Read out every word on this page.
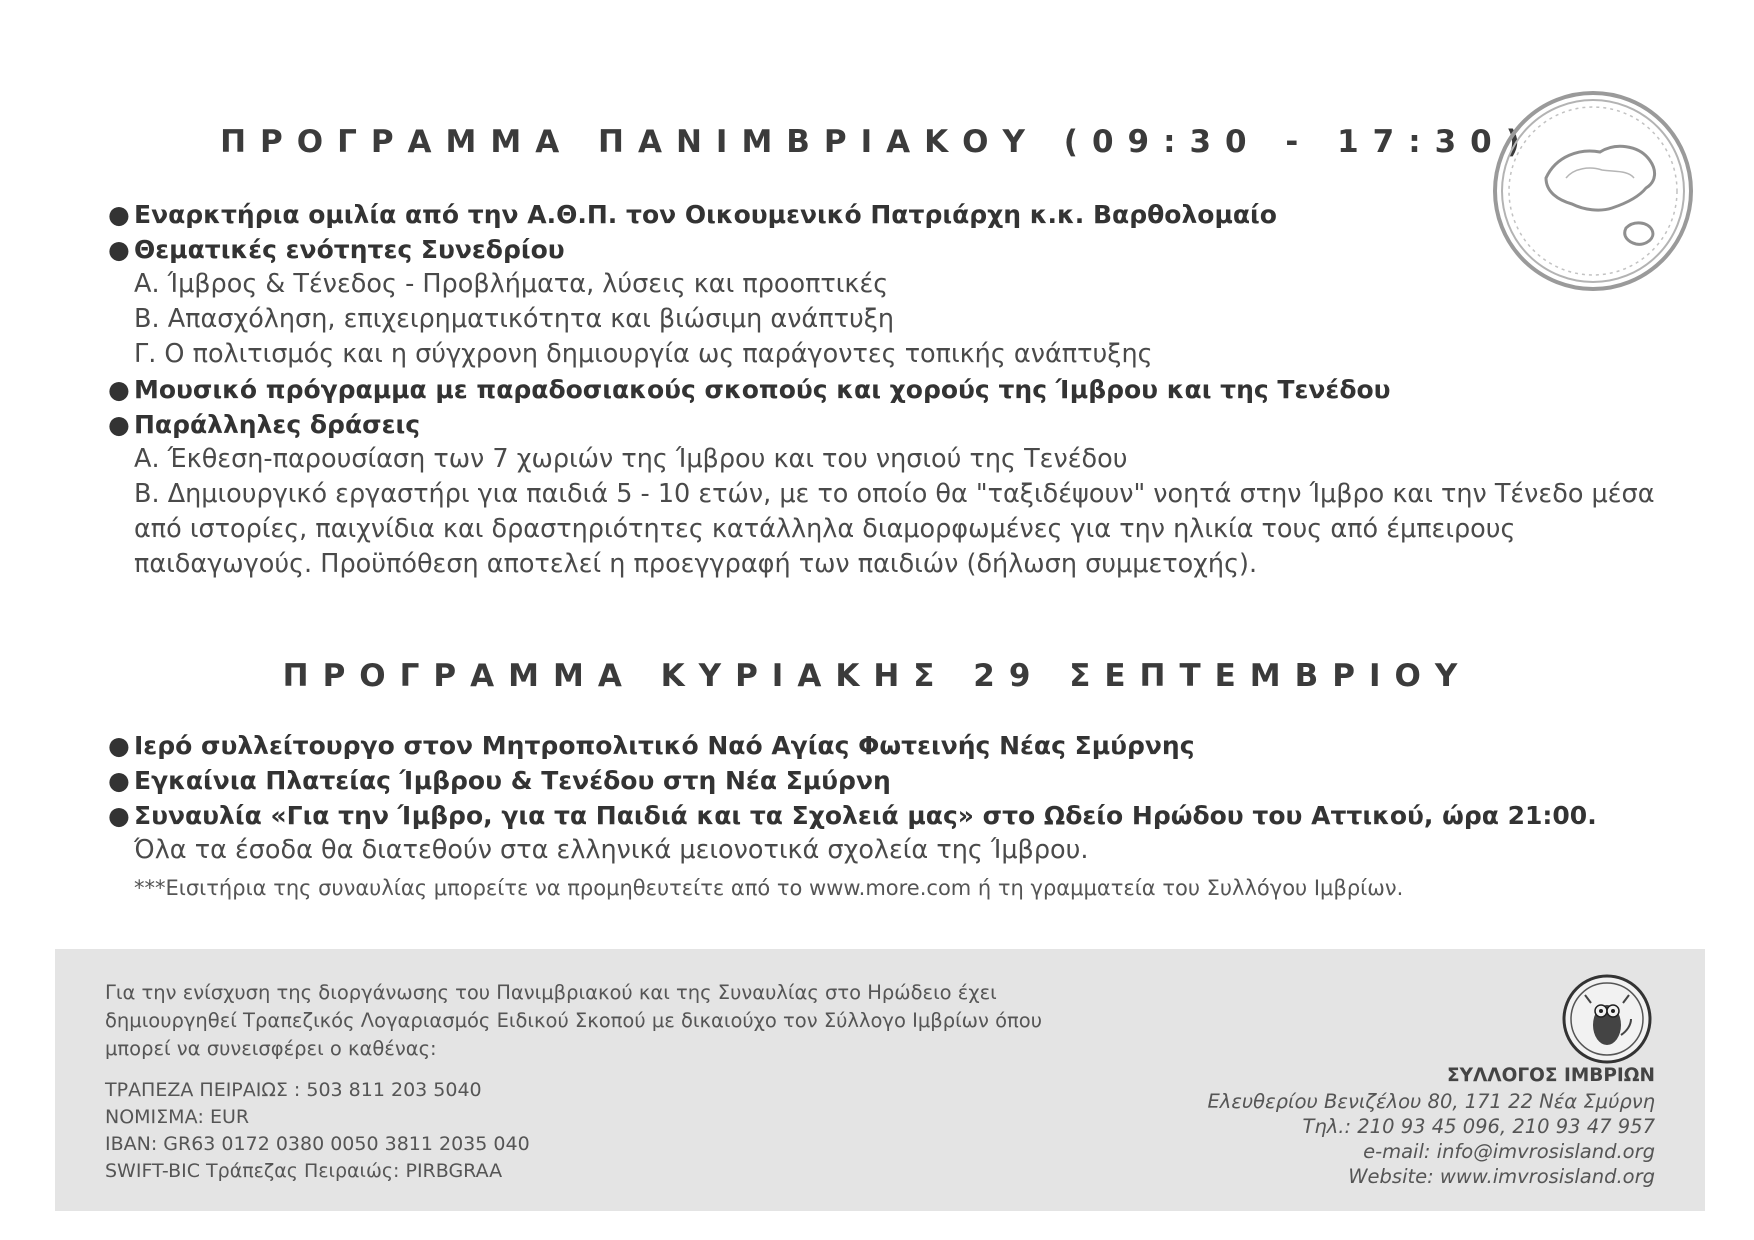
ΠΡΟΓΡΑΜΜΑ ΠΑΝΙΜΒΡΙΑΚΟΥ (09:30 - 17:30)
● Εναρκτήρια ομιλία από την Α.Θ.Π. τον Οικουμενικό Πατριάρχη κ.κ. Βαρθολομαίο
● Θεματικές ενότητες Συνεδρίου

Α. Ίμβρος & Τένεδος - Προβλήματα, λύσεις και προοπτικές

Β. Απασχόληση, επιχειρηματικότητα και βιώσιμη ανάπτυξη

Γ. Ο πολιτισμός και η σύγχρονη δημιουργία ως παράγοντες τοπικής ανάπτυξης

● Μουσικό πρόγραμμα με παραδοσιακούς σκοπούς και χορούς της Ίμβρου και της Τενέδου
● Παράλληλες δράσεις

Α. Έκθεση-παρουσίαση των 7 χωριών της Ίμβρου και του νησιού της Τενέδου

Β. Δημιουργικό εργαστήρι για παιδιά 5 - 10 ετών, με το οποίο θα "ταξιδέψουν" νοητά στην Ίμβρο και την Τένεδο μέσα από ιστορίες, παιχνίδια και δραστηριότητες κατάλληλα διαμορφωμένες για την ηλικία τους από έμπειρους παιδαγωγούς. Προϋπόθεση αποτελεί η προεγγραφή των παιδιών (δήλωση συμμετοχής).

ΠΡΟΓΡΑΜΜΑ ΚΥΡΙΑΚΗΣ 29 ΣΕΠΤΕΜΒΡΙΟΥ
● Ιερό συλλείτουργο στον Μητροπολιτικό Ναό Αγίας Φωτεινής Νέας Σμύρνης
● Εγκαίνια Πλατείας Ίμβρου & Τενέδου στη Νέα Σμύρνη
● Συναυλία «Για την Ίμβρο, για τα Παιδιά και τα Σχολειά μας» στο Ωδείο Ηρώδου του Αττικού, ώρα 21:00.

Όλα τα έσοδα θα διατεθούν στα ελληνικά μειονοτικά σχολεία της Ίμβρου.

***Εισιτήρια της συναυλίας μπορείτε να προμηθευτείτε από το www.more.com ή τη γραμματεία του Συλλόγου Ιμβρίων.

Για την ενίσχυση της διοργάνωσης του Πανιμβριακού και της Συναυλίας στο Ηρώδειο έχει δημιουργηθεί Τραπεζικός Λογαριασμός Ειδικού Σκοπού με δικαιούχο τον Σύλλογο Ιμβρίων όπου μπορεί να συνεισφέρει ο καθένας:

ΤΡΑΠΕΖΑ ΠΕΙΡΑΙΩΣ : 503 811 203 5040
ΝΟΜΙΣΜΑ: EUR
IBAN: GR63 0172 0380 0050 3811 2035 040
SWIFT-BIC Τράπεζας Πειραιώς: PIRBGRAA
ΣΥΛΛΟΓΟΣ ΙΜΒΡΙΩΝ
Ελευθερίου Βενιζέλου 80, 171 22 Νέα Σμύρνη
Τηλ.: 210 93 45 096, 210 93 47 957
e-mail: info@imvrosisland.org
Website: www.imvrosisland.org
